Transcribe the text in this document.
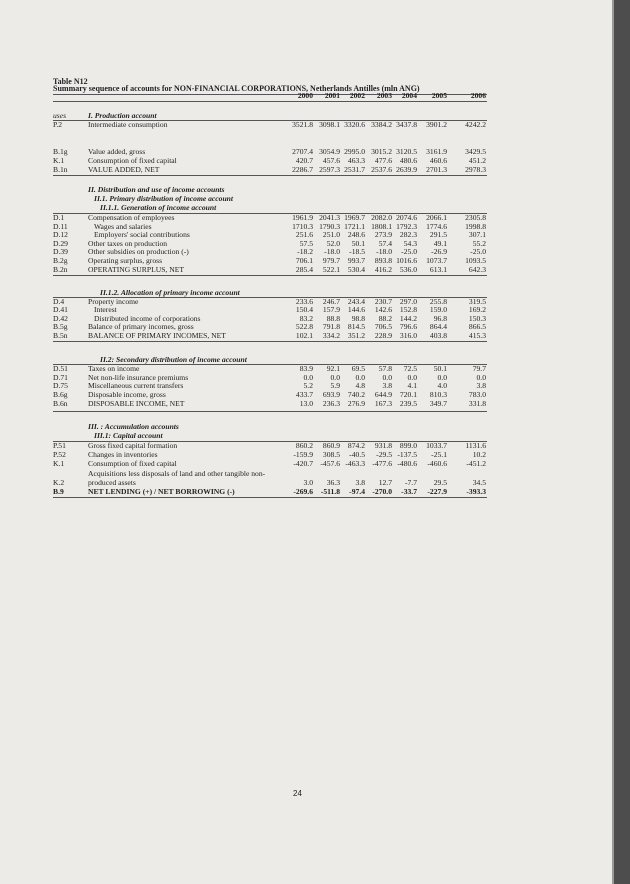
Table N12
Summary sequence of accounts for NON-FINANCIAL CORPORATIONS, Netherlands Antilles (mln ANG)
2000	2001	2002	2003	2004	2005	2006
uses	I. Production account
P.2	Intermediate consumption	3521.8 3098.1 3320.6 3384.2 3437.8	3901.2	4242.2
B.1g	Value added, gross	2707.4 3054.9 2995.0 3015.2 3120.5	3161.9	3429.5
K.1	Consumption of fixed capital	420.7	457.6	463.3	477.6	480.6	460.6	451.2
B.1n	VALUE ADDED, NET	2286.7 2597.3 2531.7 2537.6 2639.9	2701.3	2978.3
II. Distribution and use of income accounts
II.1. Primary distribution of income account
II.1.1. Generation of income account
D.1	Compensation of employees	1961.9 2041.3 1969.7 2082.0 2074.6	2066.1	2305.8
D.11	Wages and salaries	1710.3 1790.3 1721.1 1808.1 1792.3	1774.6	1998.8
D.12	Employers' social contributions	251.6	251.0	248.6	273.9	282.3	291.5	307.1
D.29	Other taxes on production	57.5	52.0	50.1	57.4	54.3	49.1	55.2
D.39	Other subsidies on production (-)	-18.2	-18.0	-18.5	-18.0	-25.0	-26.9	-25.0
B.2g	Operating surplus, gross	706.1	979.7	993.7	893.8 1016.6	1073.7	1093.5
B.2n	OPERATING SURPLUS, NET	285.4	522.1	530.4	416.2	536.0	613.1	642.3
II.1.2. Allocation of primary income account
D.4	Property income	233.6	246.7	243.4	230.7	297.0	255.8	319.5
D.41	Interest	150.4	157.9	144.6	142.6	152.8	159.0	169.2
D.42	Distributed income of corporations	83.2	88.8	98.8	88.2	144.2	96.8	150.3
B.5g	Balance of primary incomes, gross	522.8	791.8	814.5	706.5	796.6	864.4	866.5
B.5n	BALANCE OF PRIMARY INCOMES, NET	102.1	334.2	351.2	228.9	316.0	403.8	415.3
II.2: Secondary distribution of income account
D.51	Taxes on income	83.9	92.1	69.5	57.8	72.5	50.1	79.7
D.71	Net non-life insurance premiums	0.0	0.0	0.0	0.0	0.0	0.0	0.0
D.75	Miscellaneous current transfers	5.2	5.9	4.8	3.8	4.1	4.0	3.8
B.6g	Disposable income, gross	433.7	693.9	740.2	644.9	720.1	810.3	783.0
B.6n	DISPOSABLE INCOME, NET	13.0	236.3	276.9	167.3	239.5	349.7	331.8
III. : Accumulation accounts
III.1: Capital account
P.51	Gross fixed capital formation	860.2	860.9	874.2	931.8	899.0	1033.7	1131.6
P.52	Changes in inventories	-159.9	308.5	-40.5	-29.5 -137.5	-25.1	10.2
K.1	Consumption of fixed capital	-420.7 -457.6 -463.3 -477.6 -480.6	-460.6	-451.2
Acquisitions less disposals of land and other tangible non-
K.2	produced assets	3.0	36.3	3.8	12.7	-7.7	29.5	34.5
B.9	NET LENDING (+) / NET BORROWING (-)	-269.6	-511.8	-97.4 -270.0	-33.7	-227.9	-393.3
24
